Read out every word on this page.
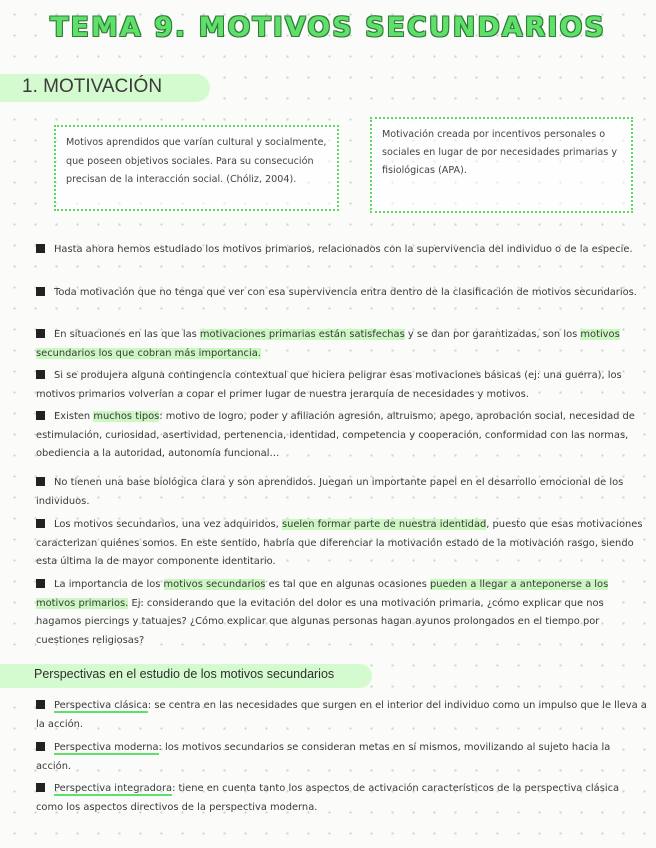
TEMA 9. MOTIVOS SECUNDARIOS
1. MOTIVACIÓN
Motivos aprendidos que varían cultural y socialmente, que poseen objetivos sociales. Para su consecución precisan de la interacción social. (Chóliz, 2004).
Motivación creada por incentivos personales o sociales en lugar de por necesidades primarias y fisiológicas (APA).

Hasta ahora hemos estudiado los motivos primarios, relacionados con la supervivencia del individuo o de la especie.

Toda motivación que no tenga que ver con esa supervivencia entra dentro de la clasificación de motivos secundarios.

En situaciones en las que las motivaciones primarias están satisfechas y se dan por garantizadas, son los motivos secundarios los que cobran más importancia.

Si se produjera alguna contingencia contextual que hiciera peligrar esas motivaciones básicas (ej: una guerra), los motivos primarios volverían a copar el primer lugar de nuestra jerarquía de necesidades y motivos.

Existen muchos tipos: motivo de logro, poder y afiliación agresión, altruismo, apego, aprobación social, necesidad de estimulación, curiosidad, asertividad, pertenencia, identidad, competencia y cooperación, conformidad con las normas, obediencia a la autoridad, autonomía funcional…

No tienen una base biológica clara y son aprendidos. Juegan un importante papel en el desarrollo emocional de los individuos.

Los motivos secundarios, una vez adquiridos, suelen formar parte de nuestra identidad, puesto que esas motivaciones caracterizan quiénes somos. En este sentido, habría que diferenciar la motivación estado de la motivación rasgo, siendo esta última la de mayor componente identitario.

La importancia de los motivos secundarios es tal que en algunas ocasiones pueden a llegar a anteponerse a los motivos primarios. Ej: considerando que la evitación del dolor es una motivación primaria, ¿cómo explicar que nos hagamos piercings y tatuajes? ¿Cómo explicar que algunas personas hagan ayunos prolongados en el tiempo por cuestiones religiosas?

Perspectivas en el estudio de los motivos secundarios

Perspectiva clásica: se centra en las necesidades que surgen en el interior del individuo como un impulso que le lleva a la acción.

Perspectiva moderna: los motivos secundarios se consideran metas en sí mismos, movilizando al sujeto hacia la acción.

Perspectiva integradora: tiene en cuenta tanto los aspectos de activación característicos de la perspectiva clásica como los aspectos directivos de la perspectiva moderna.
